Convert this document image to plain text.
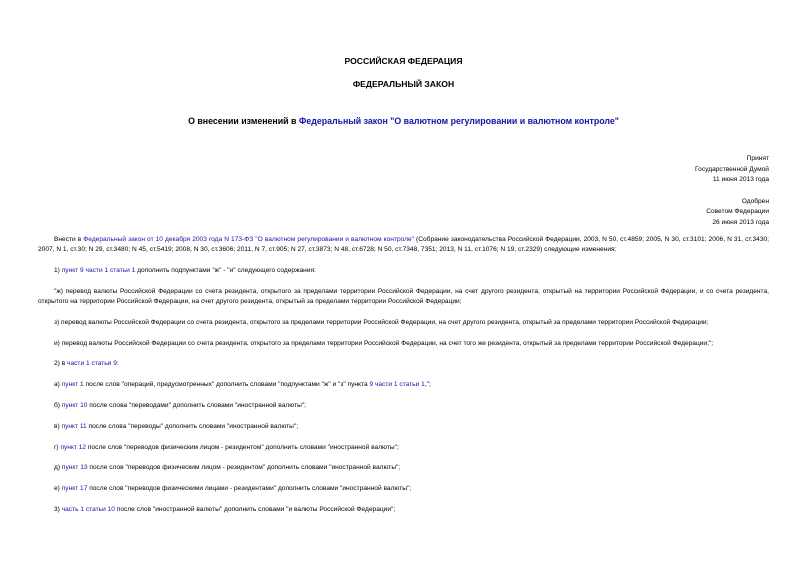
РОССИЙСКАЯ ФЕДЕРАЦИЯ
ФЕДЕРАЛЬНЫЙ ЗАКОН
О внесении изменений в Федеральный закон "О валютном регулировании и валютном контроле"
Принят
Государственной Думой
11 июня 2013 года
Одобрен
Советом Федерации
26 июня 2013 года

Внести в Федеральный закон от 10 декабря 2003 года N 173-ФЗ "О валютном регулировании и валютном контроле" (Собрание законодательства Российской Федерации, 2003, N 50, ст.4859; 2005, N 30, ст.3101; 2006, N 31, ст.3430; 2007, N 1, ст.30; N 29, ст.3480; N 45, ст.5419; 2008, N 30, ст.3606; 2011, N 7, ст.905; N 27, ст.3873; N 48, ст.6728; N 50, ст.7348, 7351; 2013, N 11, ст.1076; N 19, ст.2329) следующие изменения:

1) пункт 9 части 1 статьи 1 дополнить подпунктами "ж" - "и" следующего содержания:

"ж) перевод валюты Российской Федерации со счета резидента, открытого за пределами территории Российской Федерации, на счет другого резидента, открытый на территории Российской Федерации, и со счета резидента, открытого на территории Российской Федерации, на счет другого резидента, открытый за пределами территории Российской Федерации;

з) перевод валюты Российской Федерации со счета резидента, открытого за пределами территории Российской Федерации, на счет другого резидента, открытый за пределами территории Российской Федерации;

и) перевод валюты Российской Федерации со счета резидента, открытого за пределами территории Российской Федерации, на счет того же резидента, открытый за пределами территории Российской Федерации;";

2) в части 1 статьи 9:

а) пункт 1 после слов "операций, предусмотренных" дополнить словами "подпунктами "ж" и "з" пункта 9 части 1 статьи 1,";

б) пункт 10 после слова "переводами" дополнить словами "иностранной валюты";

в) пункт 11 после слова "переводы" дополнить словами "иностранной валюты";

г) пункт 12 после слов "переводов физическим лицом - резидентом" дополнить словами "иностранной валюты";

д) пункт 13 после слов "переводов физическим лицом - резидентом" дополнить словами "иностранной валюты";

е) пункт 17 после слов "переводов физическими лицами - резидентами" дополнить словами "иностранной валюты";

3) часть 1 статьи 10 после слов "иностранной валюты" дополнить словами "и валюты Российской Федерации";
